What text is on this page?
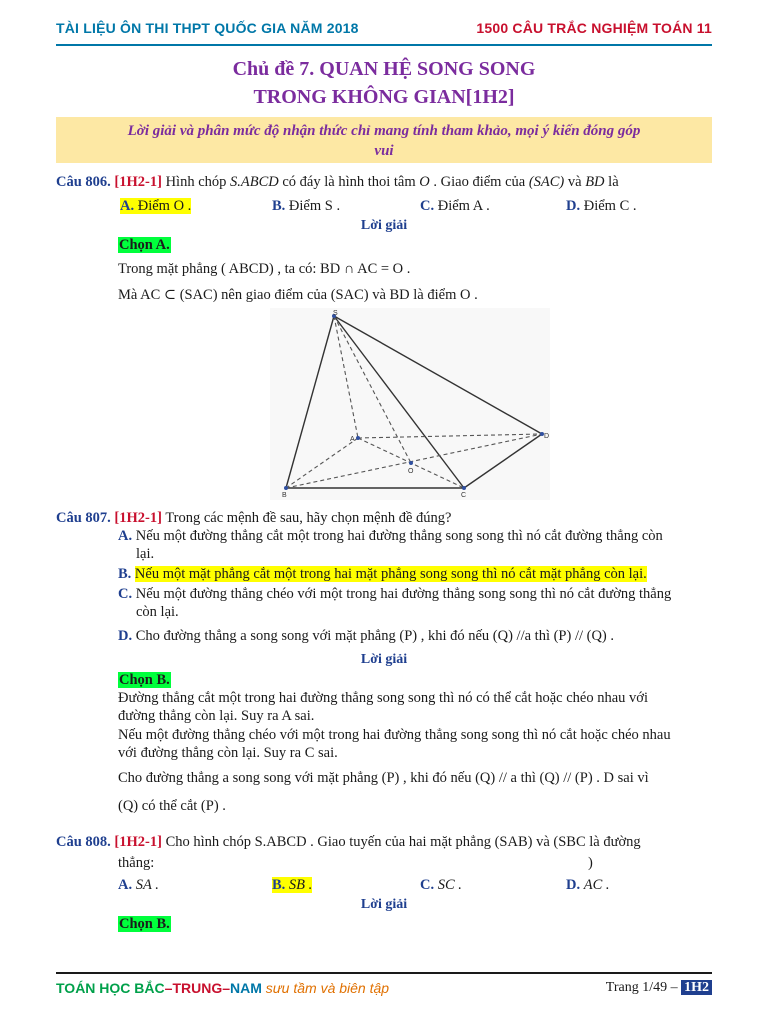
TÀI LIỆU ÔN THI THPT QUỐC GIA NĂM 2018	1500 CÂU TRẮC NGHIỆM TOÁN 11
Chủ đề 7. QUAN HỆ SONG SONG
TRONG KHÔNG GIAN[1H2]
Lời giải và phân mức độ nhận thức chỉ mang tính tham khảo, mọi ý kiến đóng góp
vui
Câu 806. [1H2-1] Hình chóp S.ABCD có đáy là hình thoi tâm O . Giao điểm của (SAC) và BD là
A. Điểm O .	B. Điểm S .	C. Điểm A .	D. Điểm C .
Lời giải
Chọn A.
Trong mặt phẳng ( ABCD) , ta có: BD ∩ AC = O .
Mà AC ⊂ (SAC) nên giao điểm của (SAC) và BD là điểm O .
S
A	D
O
B	C
Câu 807. [1H2-1] Trong các mệnh đề sau, hãy chọn mệnh đề đúng?
A. Nếu một đường thẳng cắt một trong hai đường thẳng song song thì nó cắt đường thẳng còn
lại.
B. Nếu một mặt phẳng cắt một trong hai mặt phẳng song song thì nó cắt mặt phẳng còn lại.
C. Nếu một đường thẳng chéo với một trong hai đường thẳng song song thì nó cắt đường thẳng
còn lại.
D. Cho đường thẳng a song song với mặt phẳng (P) , khi đó nếu (Q) //a thì (P) // (Q) .
Lời giải
Chọn B.
Đường thẳng cắt một trong hai đường thẳng song song thì nó có thể cắt hoặc chéo nhau với
đường thẳng còn lại. Suy ra A sai.
Nếu một đường thẳng chéo với một trong hai đường thẳng song song thì nó cắt hoặc chéo nhau
với đường thẳng còn lại. Suy ra C sai.
Cho đường thẳng a song song với mặt phẳng (P) , khi đó nếu (Q) // a thì (Q) // (P) . D sai vì
(Q) có thể cắt (P) .
Câu 808. [1H2-1] Cho hình chóp S.ABCD . Giao tuyến của hai mặt phẳng (SAB) và (SBC là đường
thẳng:	)
A. SA .	B. SB .	C. SC .	D. AC .
Lời giải
Chọn B.
TOÁN HỌC BẮC–TRUNG–NAM sưu tầm và biên tập	Trang 1/49 – 1H2
